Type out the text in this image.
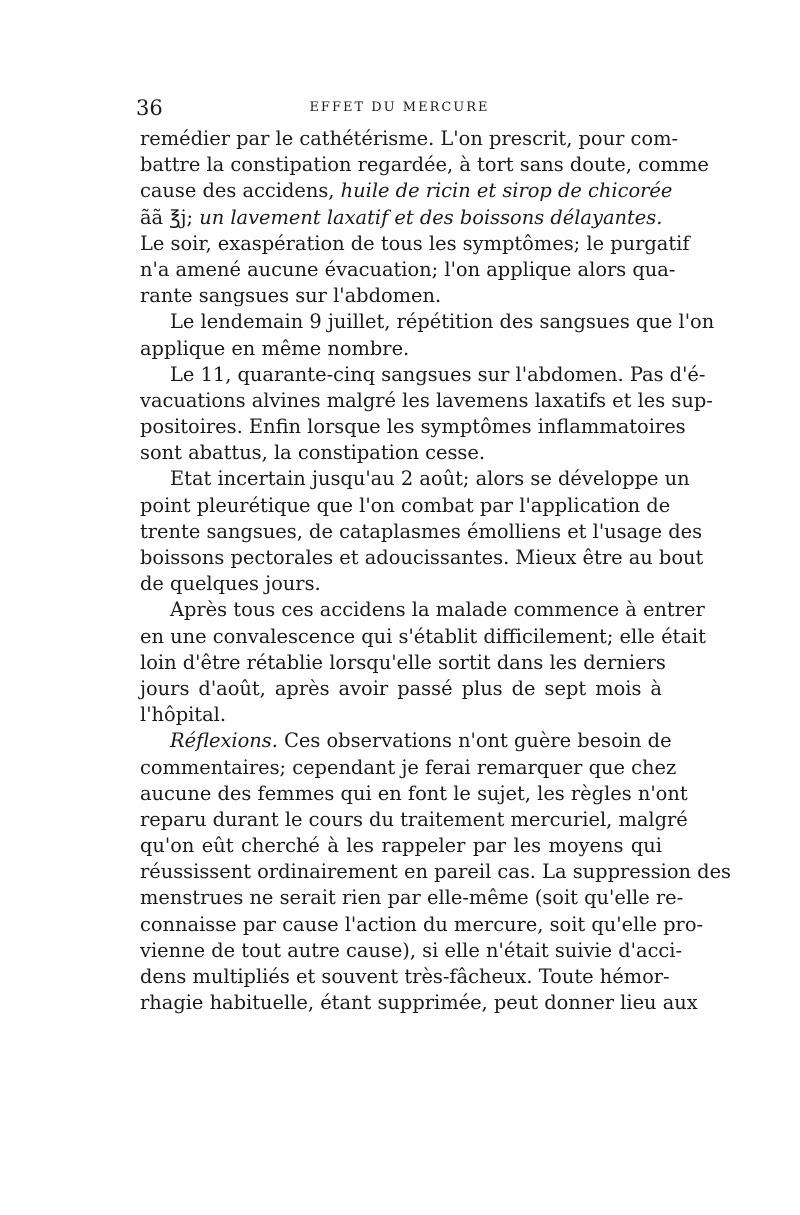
36	EFFET DU MERCURE
remédier par le cathétérisme. L'on prescrit, pour com-
battre la constipation regardée, à tort sans doute, comme
cause des accidens, huile de ricin et sirop de chicorée
ãã ℥j; un lavement laxatif et des boissons délayantes.
Le soir, exaspération de tous les symptômes; le purgatif
n'a amené aucune évacuation; l'on applique alors qua-
rante sangsues sur l'abdomen.
Le lendemain 9 juillet, répétition des sangsues que l'on
applique en même nombre.
Le 11, quarante-cinq sangsues sur l'abdomen. Pas d'é-
vacuations alvines malgré les lavemens laxatifs et les sup-
positoires. Enfin lorsque les symptômes inflammatoires
sont abattus, la constipation cesse.
Etat incertain jusqu'au 2 août; alors se développe un
point pleurétique que l'on combat par l'application de
trente sangsues, de cataplasmes émolliens et l'usage des
boissons pectorales et adoucissantes. Mieux être au bout
de quelques jours.
Après tous ces accidens la malade commence à entrer
en une convalescence qui s'établit difficilement; elle était
loin d'être rétablie lorsqu'elle sortit dans les derniers
jours d'août, après avoir passé plus de sept mois à
l'hôpital.
Réflexions. Ces observations n'ont guère besoin de
commentaires; cependant je ferai remarquer que chez
aucune des femmes qui en font le sujet, les règles n'ont
reparu durant le cours du traitement mercuriel, malgré
qu'on eût cherché à les rappeler par les moyens qui
réussissent ordinairement en pareil cas. La suppression des
menstrues ne serait rien par elle-même (soit qu'elle re-
connaisse par cause l'action du mercure, soit qu'elle pro-
vienne de tout autre cause), si elle n'était suivie d'acci-
dens multipliés et souvent très-fâcheux. Toute hémor-
rhagie habituelle, étant supprimée, peut donner lieu aux
